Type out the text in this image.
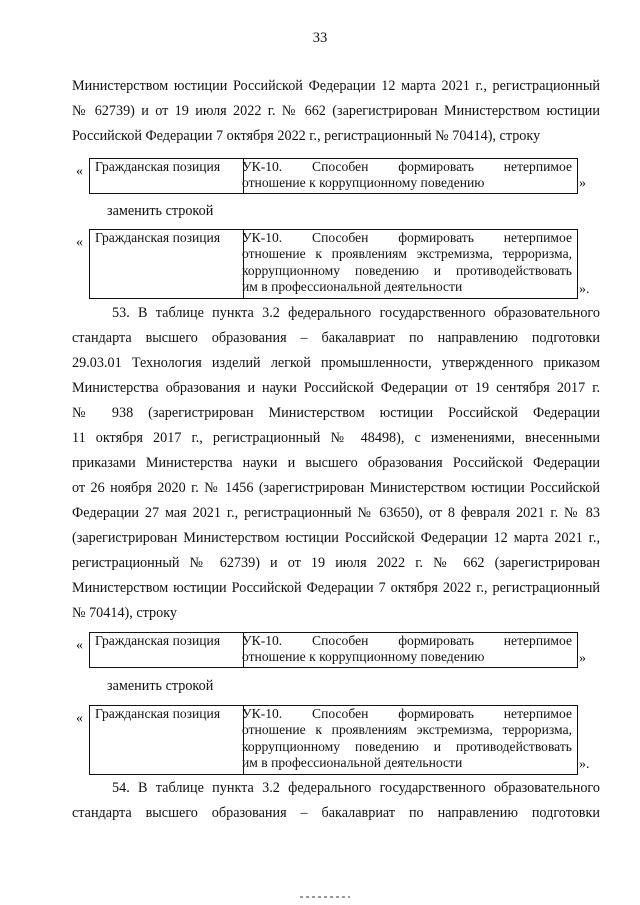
33
Министерством юстиции Российской Федерации 12 марта 2021 г., регистрационный
№ 62739) и от 19 июля 2022 г. № 662 (зарегистрирован Министерством юстиции
Российской Федерации 7 октября 2022 г., регистрационный № 70414), строку
« Гражданская позиция	УК-10. Способен формировать нетерпимое
отношение к коррупционному поведению	»
заменить строкой
« Гражданская позиция	УК-10. Способен формировать нетерпимое
отношение к проявлениям экстремизма, терроризма,
коррупционному поведению и противодействовать
им в профессиональной деятельности	».
53. В таблице пункта 3.2 федерального государственного образовательного
стандарта высшего образования – бакалавриат по направлению подготовки
29.03.01 Технология изделий легкой промышленности, утвержденного приказом
Министерства образования и науки Российской Федерации от 19 сентября 2017 г.
№ 938 (зарегистрирован Министерством юстиции Российской Федерации
11 октября 2017 г., регистрационный № 48498), с изменениями, внесенными
приказами Министерства науки и высшего образования Российской Федерации
от 26 ноября 2020 г. № 1456 (зарегистрирован Министерством юстиции Российской
Федерации 27 мая 2021 г., регистрационный № 63650), от 8 февраля 2021 г. № 83
(зарегистрирован Министерством юстиции Российской Федерации 12 марта 2021 г.,
регистрационный № 62739) и от 19 июля 2022 г. № 662 (зарегистрирован
Министерством юстиции Российской Федерации 7 октября 2022 г., регистрационный
№ 70414), строку
« Гражданская позиция	УК-10. Способен формировать нетерпимое
отношение к коррупционному поведению	»
заменить строкой
« Гражданская позиция	УК-10. Способен формировать нетерпимое
отношение к проявлениям экстремизма, терроризма,
коррупционному поведению и противодействовать
им в профессиональной деятельности	».
54. В таблице пункта 3.2 федерального государственного образовательного
стандарта высшего образования – бакалавриат по направлению подготовки
